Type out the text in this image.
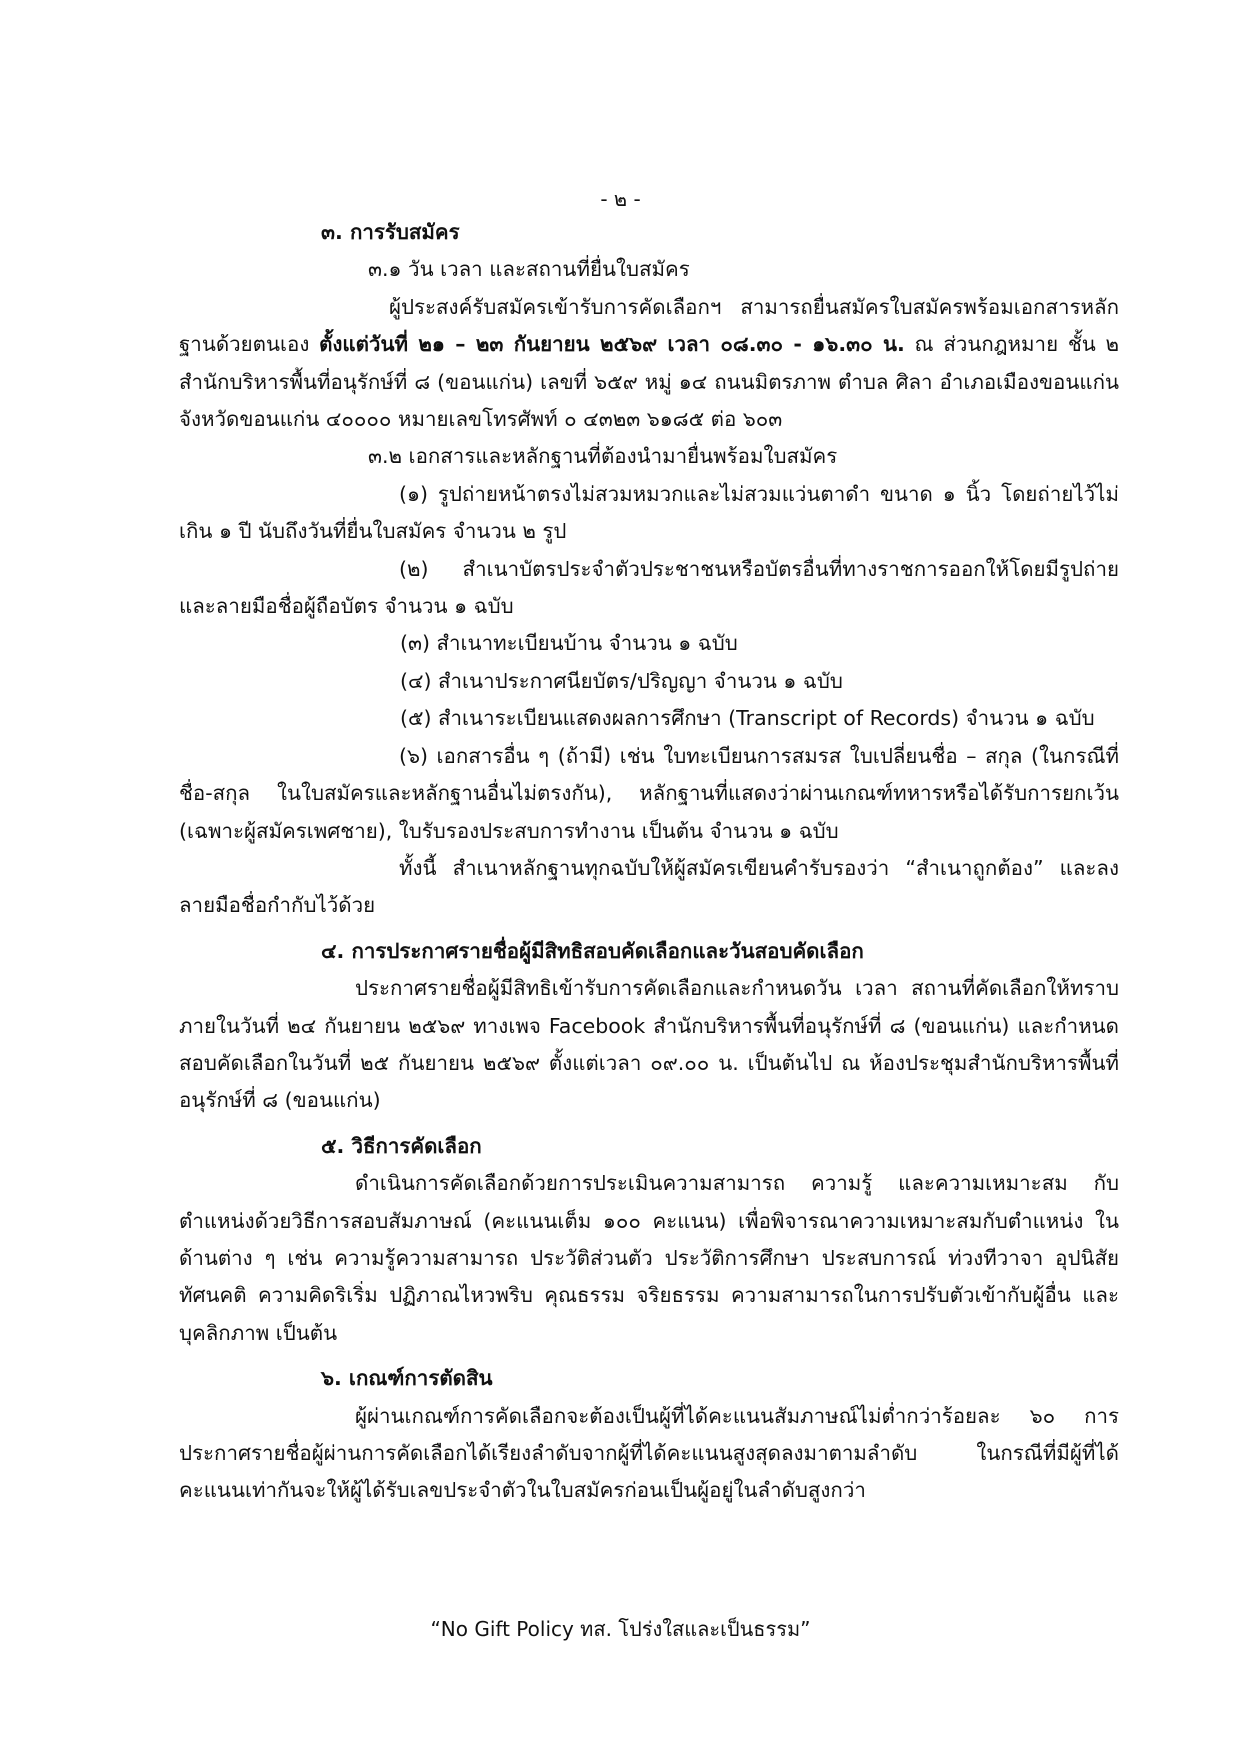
- ๒ -

๓. การรับสมัคร

๓.๑ วัน เวลา และสถานที่ยื่นใบสมัคร

ผู้ประสงค์รับสมัครเข้ารับการคัดเลือกฯ สามารถยื่นสมัครใบสมัครพร้อมเอกสารหลักฐานด้วยตนเอง ตั้งแต่วันที่ ๒๑ – ๒๓ กันยายน ๒๕๖๙ เวลา ๐๘.๓๐ - ๑๖.๓๐ น. ณ ส่วนกฎหมาย ชั้น ๒ สำนักบริหารพื้นที่อนุรักษ์ที่ ๘ (ขอนแก่น) เลขที่ ๖๕๙ หมู่ ๑๔ ถนนมิตรภาพ ตำบล ศิลา อำเภอเมืองขอนแก่น จังหวัดขอนแก่น ๔๐๐๐๐ หมายเลขโทรศัพท์ ๐ ๔๓๒๓ ๖๑๘๕ ต่อ ๖๐๓

๓.๒ เอกสารและหลักฐานที่ต้องนำมายื่นพร้อมใบสมัคร

(๑) รูปถ่ายหน้าตรงไม่สวมหมวกและไม่สวมแว่นตาดำ ขนาด ๑ นิ้ว โดยถ่ายไว้ไม่เกิน ๑ ปี นับถึงวันที่ยื่นใบสมัคร จำนวน ๒ รูป

(๒) สำเนาบัตรประจำตัวประชาชนหรือบัตรอื่นที่ทางราชการออกให้โดยมีรูปถ่ายและลายมือชื่อผู้ถือบัตร จำนวน ๑ ฉบับ

(๓) สำเนาทะเบียนบ้าน จำนวน ๑ ฉบับ

(๔) สำเนาประกาศนียบัตร/ปริญญา จำนวน ๑ ฉบับ

(๕) สำเนาระเบียนแสดงผลการศึกษา (Transcript of Records) จำนวน ๑ ฉบับ

(๖) เอกสารอื่น ๆ (ถ้ามี) เช่น ใบทะเบียนการสมรส ใบเปลี่ยนชื่อ – สกุล (ในกรณีที่ชื่อ-สกุล ในใบสมัครและหลักฐานอื่นไม่ตรงกัน), หลักฐานที่แสดงว่าผ่านเกณฑ์ทหารหรือได้รับการยกเว้น (เฉพาะผู้สมัครเพศชาย), ใบรับรองประสบการทำงาน เป็นต้น จำนวน ๑ ฉบับ

ทั้งนี้ สำเนาหลักฐานทุกฉบับให้ผู้สมัครเขียนคำรับรองว่า “สำเนาถูกต้อง” และลงลายมือชื่อกำกับไว้ด้วย

๔. การประกาศรายชื่อผู้มีสิทธิสอบคัดเลือกและวันสอบคัดเลือก

ประกาศรายชื่อผู้มีสิทธิเข้ารับการคัดเลือกและกำหนดวัน เวลา สถานที่คัดเลือกให้ทราบภายในวันที่ ๒๔ กันยายน ๒๕๖๙ ทางเพจ Facebook สำนักบริหารพื้นที่อนุรักษ์ที่ ๘ (ขอนแก่น) และกำหนดสอบคัดเลือกในวันที่ ๒๕ กันยายน ๒๕๖๙ ตั้งแต่เวลา ๐๙.๐๐ น. เป็นต้นไป ณ ห้องประชุมสำนักบริหารพื้นที่อนุรักษ์ที่ ๘ (ขอนแก่น)

๕. วิธีการคัดเลือก

ดำเนินการคัดเลือกด้วยการประเมินความสามารถ ความรู้ และความเหมาะสม กับตำแหน่งด้วยวิธีการสอบสัมภาษณ์ (คะแนนเต็ม ๑๐๐ คะแนน) เพื่อพิจารณาความเหมาะสมกับตำแหน่ง ในด้านต่าง ๆ เช่น ความรู้ความสามารถ ประวัติส่วนตัว ประวัติการศึกษา ประสบการณ์ ท่วงทีวาจา อุปนิสัย ทัศนคติ ความคิดริเริ่ม ปฏิภาณไหวพริบ คุณธรรม จริยธรรม ความสามารถในการปรับตัวเข้ากับผู้อื่น และบุคลิกภาพ เป็นต้น

๖. เกณฑ์การตัดสิน

ผู้ผ่านเกณฑ์การคัดเลือกจะต้องเป็นผู้ที่ได้คะแนนสัมภาษณ์ไม่ต่ำกว่าร้อยละ ๖๐ การประกาศรายชื่อผู้ผ่านการคัดเลือกได้เรียงลำดับจากผู้ที่ได้คะแนนสูงสุดลงมาตามลำดับ ในกรณีที่มีผู้ที่ได้คะแนนเท่ากันจะให้ผู้ได้รับเลขประจำตัวในใบสมัครก่อนเป็นผู้อยู่ในลำดับสูงกว่า

“No Gift Policy ทส. โปร่งใสและเป็นธรรม”
